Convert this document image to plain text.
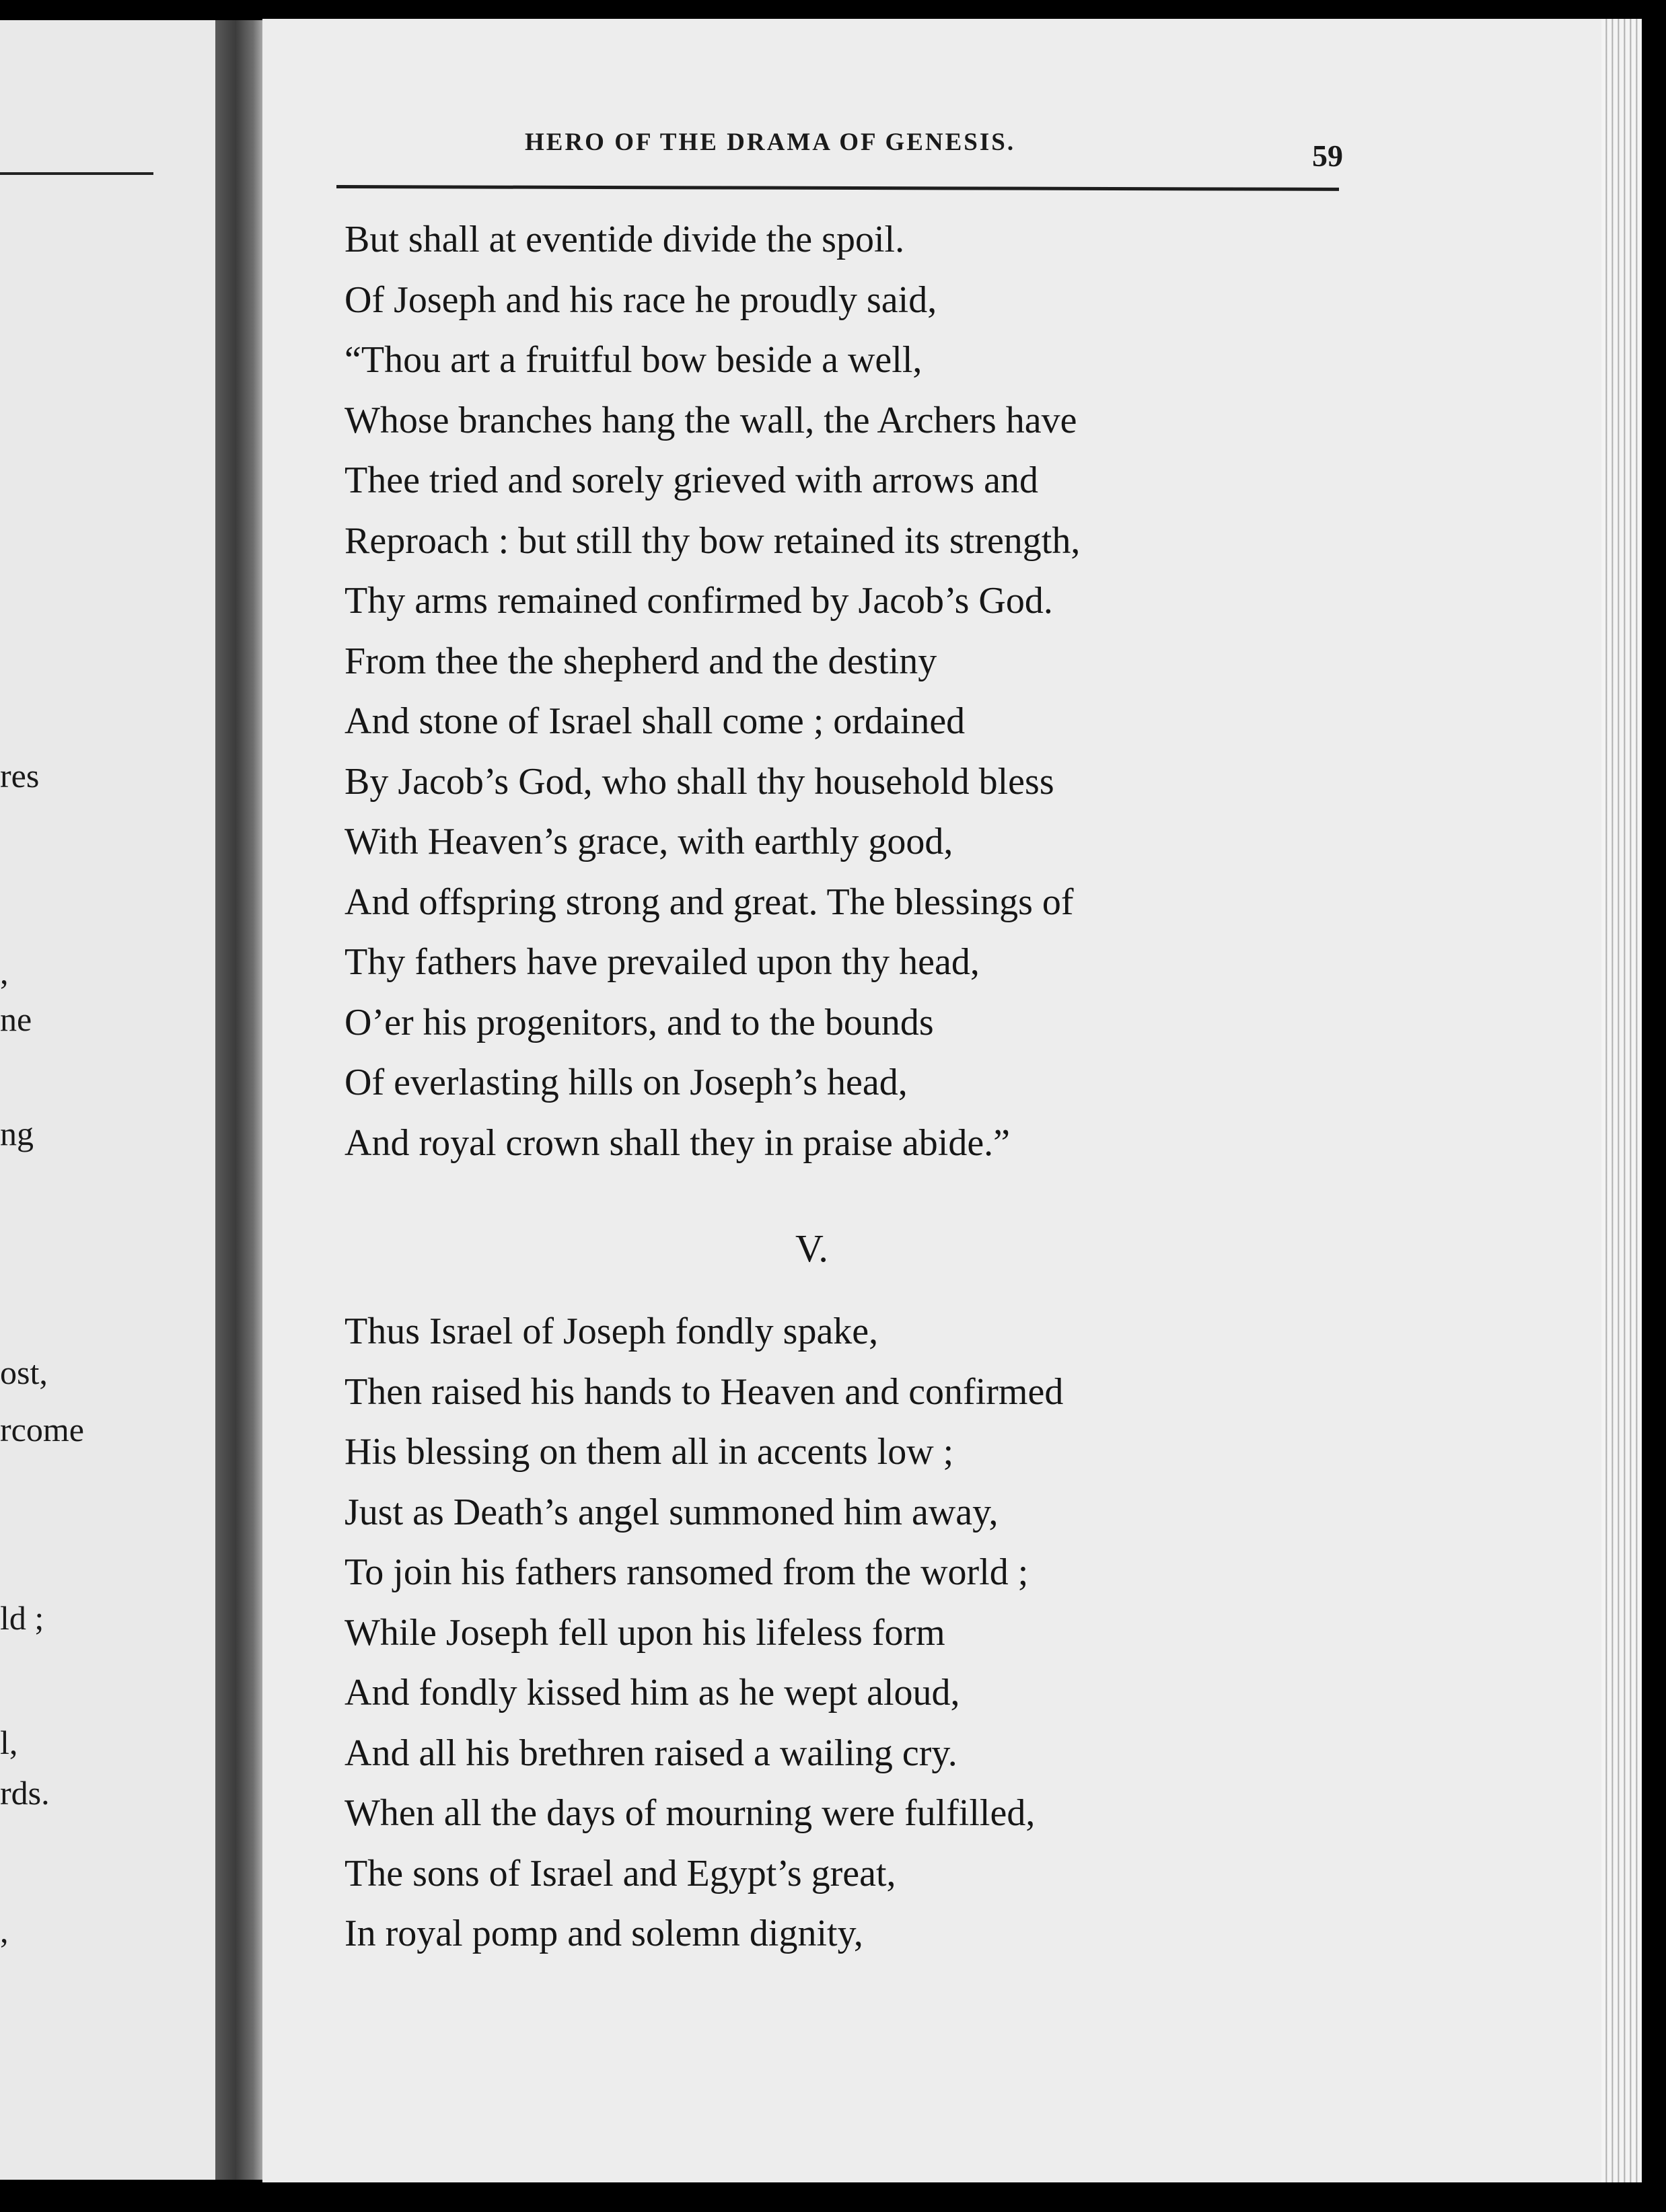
res
,
ne
ng
ost,
rcome
ld ;
l,
rds.
,
HERO OF THE DRAMA OF GENESIS.	59
But shall at eventide divide the spoil.
Of Joseph and his race he proudly said,
“Thou art a fruitful bow beside a well,
Whose branches hang the wall, the Archers have
Thee tried and sorely grieved with arrows and
Reproach : but still thy bow retained its strength,
Thy arms remained confirmed by Jacob’s God.
From thee the shepherd and the destiny
And stone of Israel shall come ; ordained
By Jacob’s God, who shall thy household bless
With Heaven’s grace, with earthly good,
And offspring strong and great. The blessings of
Thy fathers have prevailed upon thy head,
O’er his progenitors, and to the bounds
Of everlasting hills on Joseph’s head,
And royal crown shall they in praise abide.”
V.
Thus Israel of Joseph fondly spake,
Then raised his hands to Heaven and confirmed
His blessing on them all in accents low ;
Just as Death’s angel summoned him away,
To join his fathers ransomed from the world ;
While Joseph fell upon his lifeless form
And fondly kissed him as he wept aloud,
And all his brethren raised a wailing cry.
When all the days of mourning were fulfilled,
The sons of Israel and Egypt’s great,
In royal pomp and solemn dignity,
